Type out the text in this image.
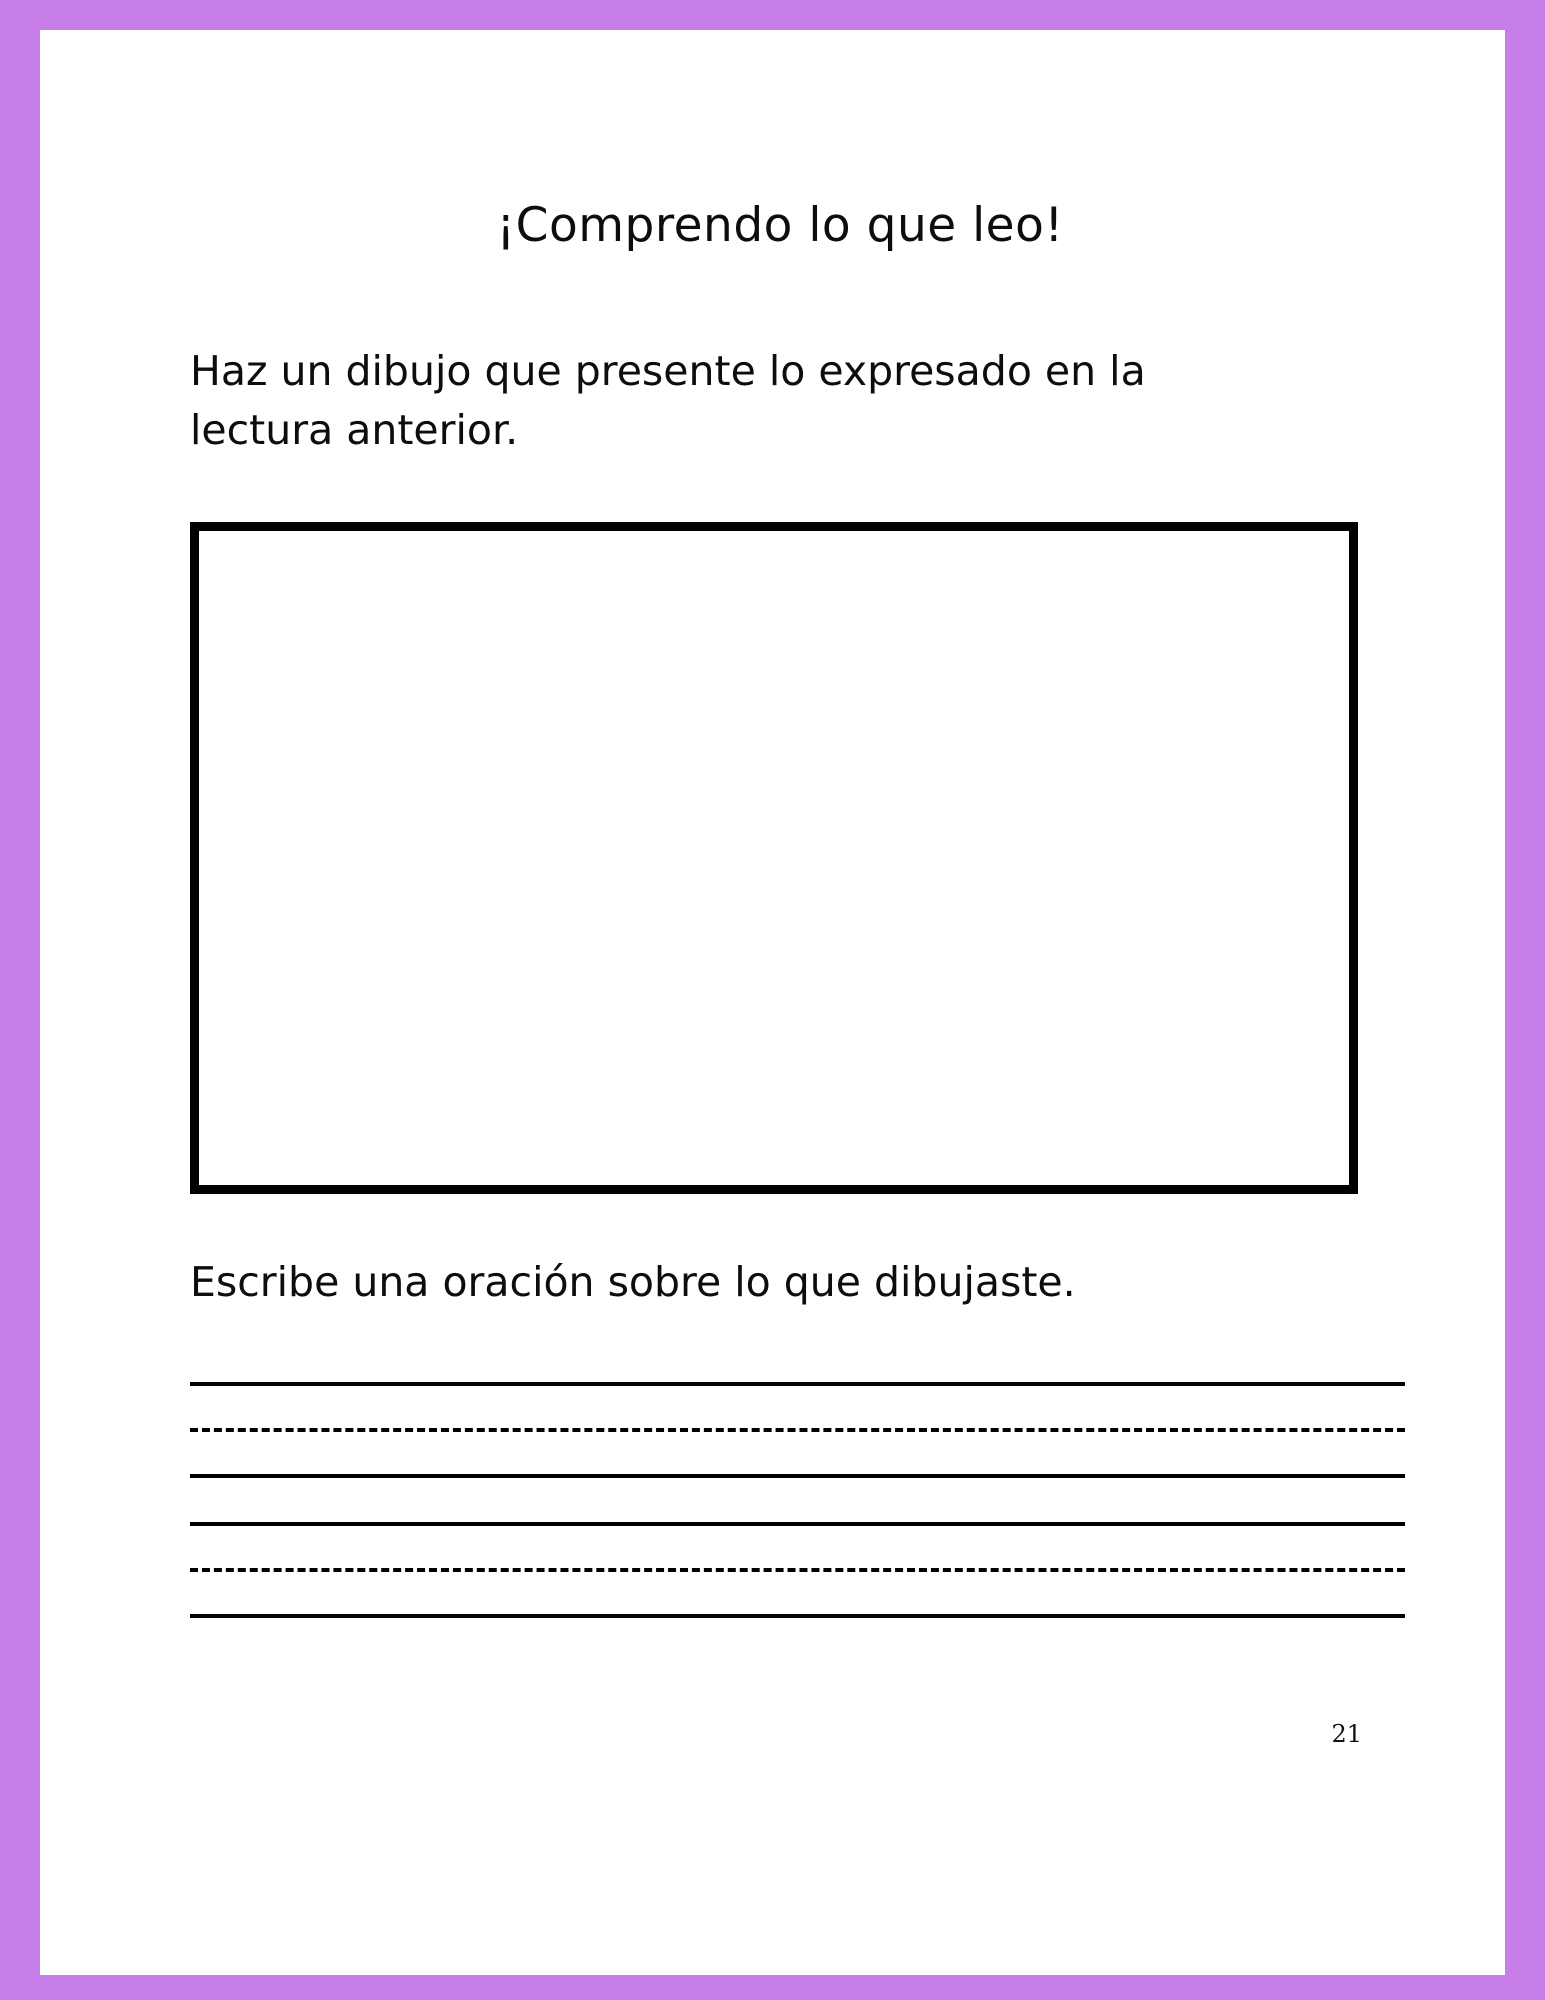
¡Comprendo lo que leo!
Haz un dibujo que presente lo expresado en la lectura anterior.
Escribe una oración sobre lo que dibujaste.
21
